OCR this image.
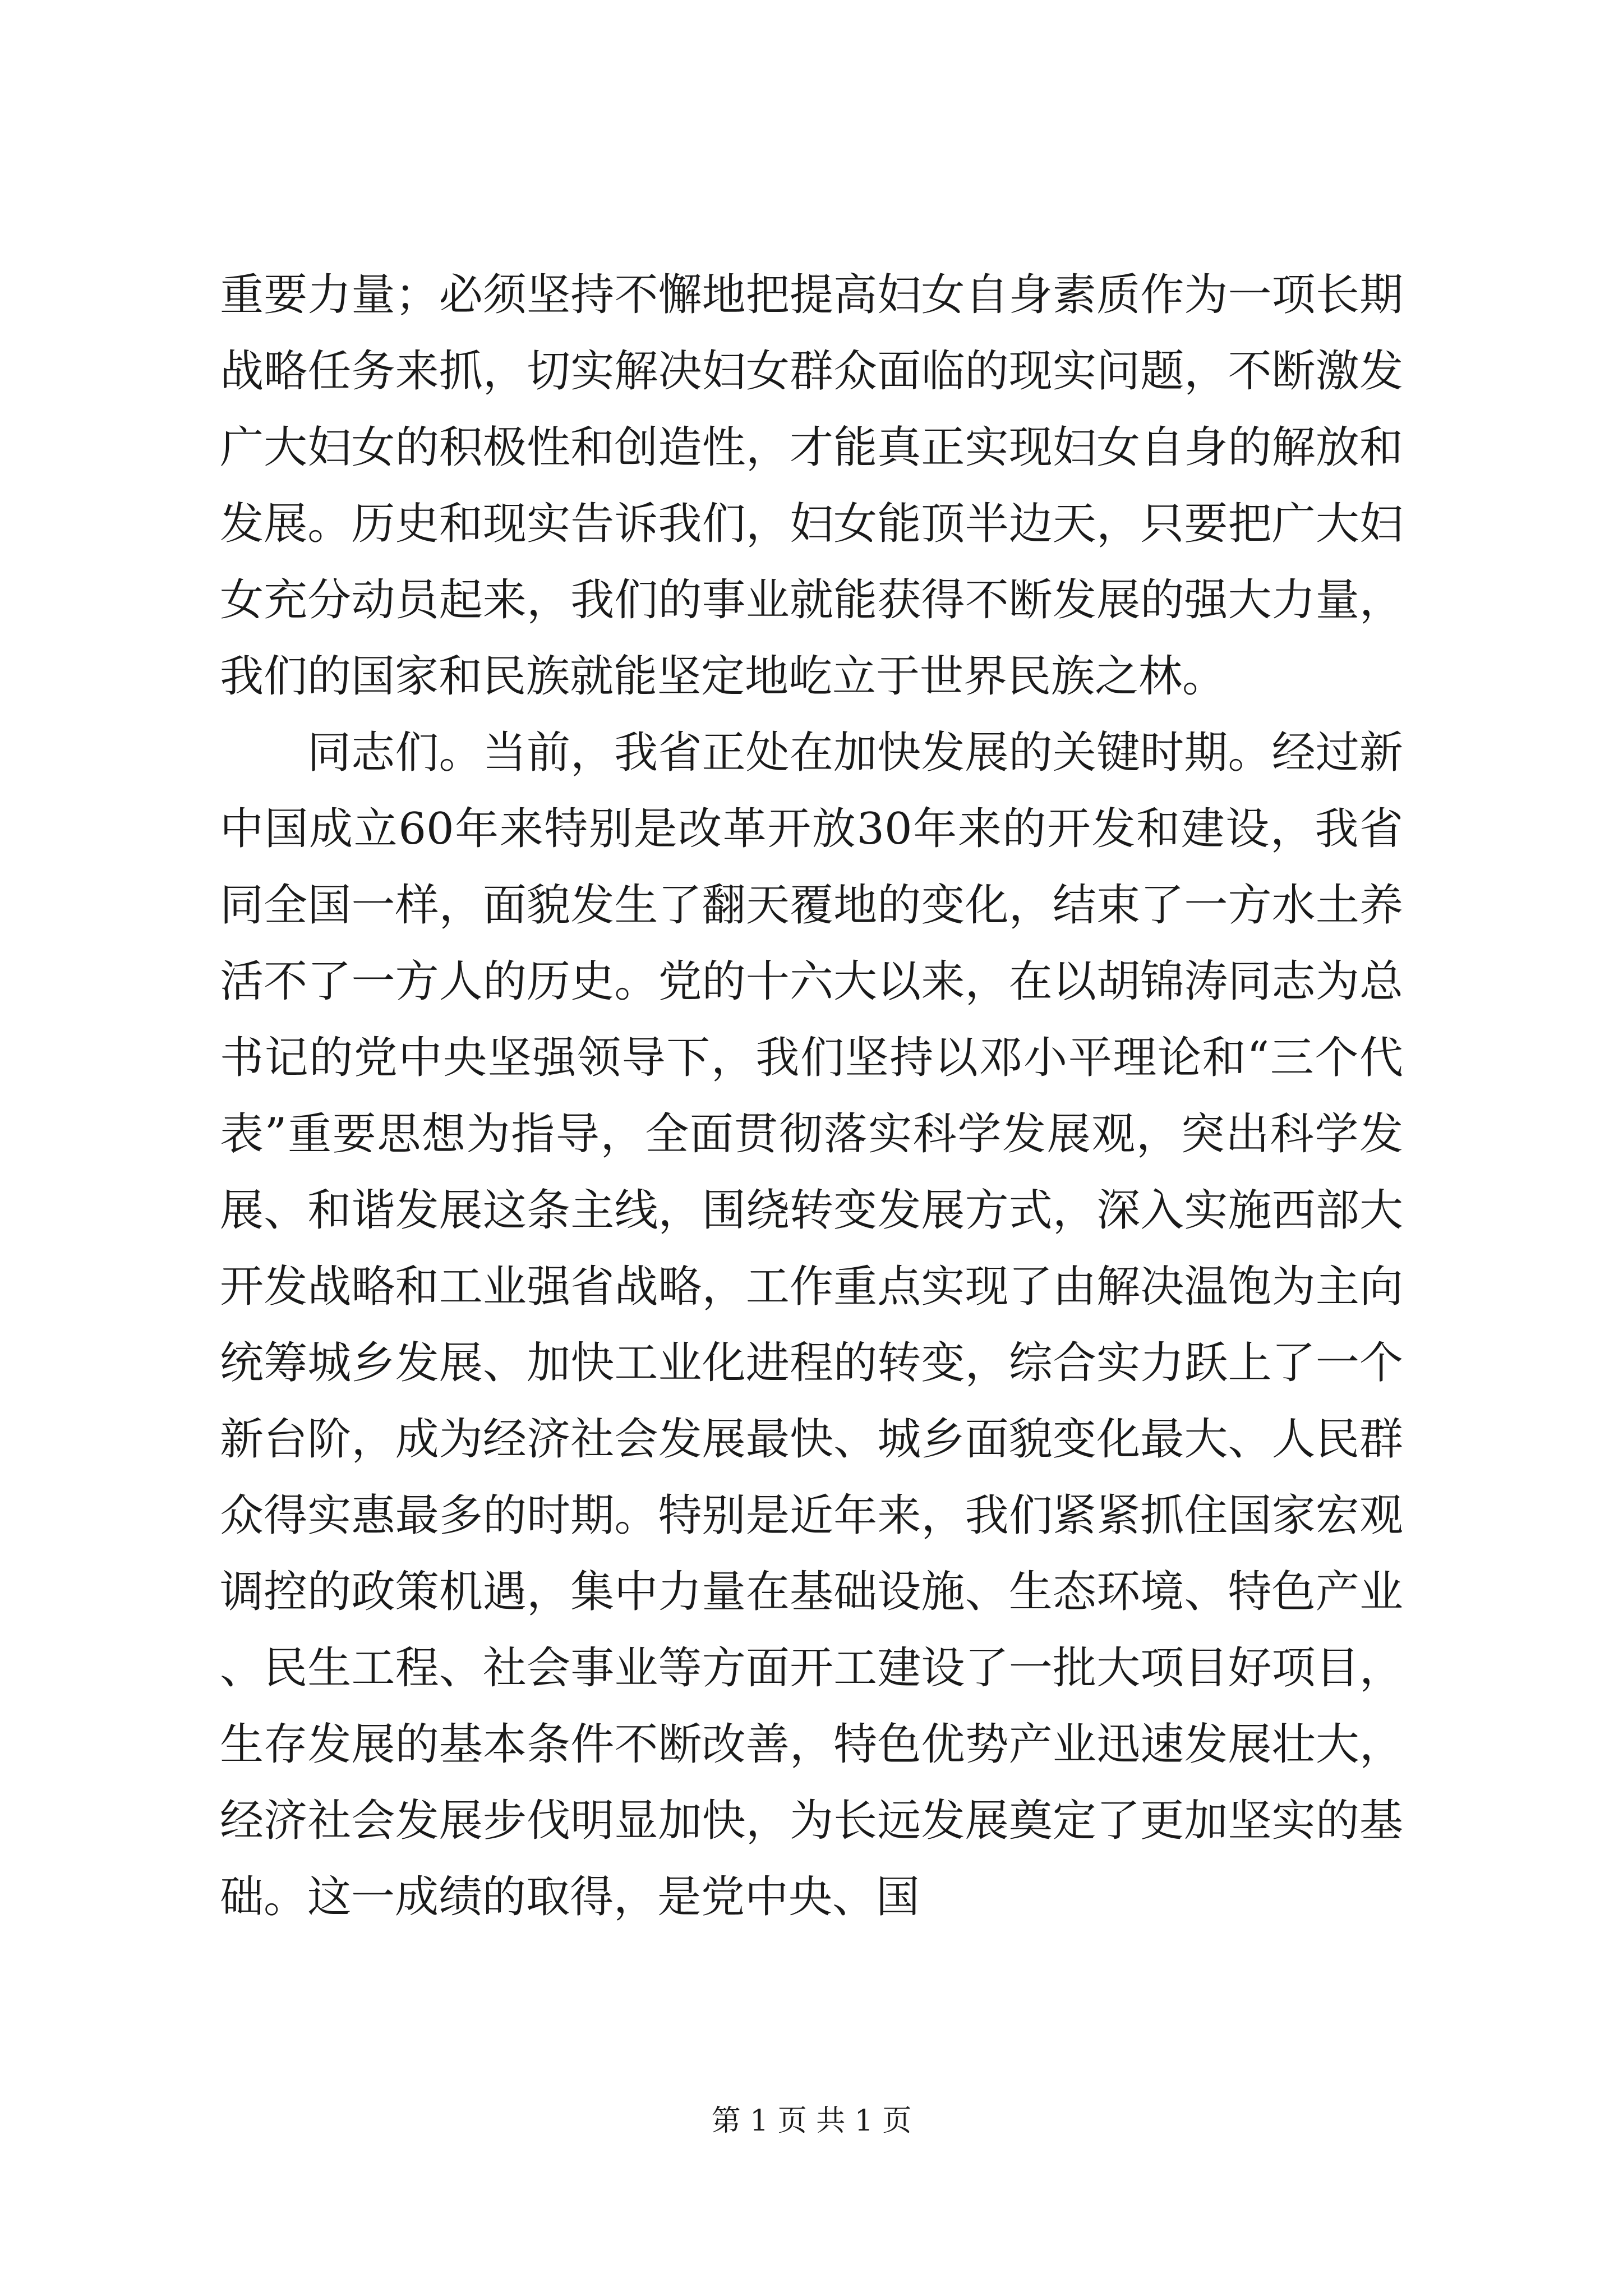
重要力量；必须坚持不懈地把提高妇女自身素质作为一项长期战略任务来抓，切实解决妇女群众面临的现实问题，不断激发广大妇女的积极性和创造性，才能真正实现妇女自身的解放和发展。历史和现实告诉我们，妇女能顶半边天，只要把广大妇女充分动员起来，我们的事业就能获得不断发展的强大力量，我们的国家和民族就能坚定地屹立于世界民族之林。

同志们。当前，我省正处在加快发展的关键时期。经过新中国成立60年来特别是改革开放30年来的开发和建设，我省同全国一样，面貌发生了翻天覆地的变化，结束了一方水土养活不了一方人的历史。党的十六大以来，在以胡锦涛同志为总书记的党中央坚强领导下，我们坚持以邓小平理论和“三个代表”重要思想为指导，全面贯彻落实科学发展观，突出科学发展、和谐发展这条主线，围绕转变发展方式，深入实施西部大开发战略和工业强省战略，工作重点实现了由解决温饱为主向统筹城乡发展、加快工业化进程的转变，综合实力跃上了一个新台阶，成为经济社会发展最快、城乡面貌变化最大、人民群众得实惠最多的时期。特别是近年来，我们紧紧抓住国家宏观调控的政策机遇，集中力量在基础设施、生态环境、特色产业、民生工程、社会事业等方面开工建设了一批大项目好项目，生存发展的基本条件不断改善，特色优势产业迅速发展壮大，经济社会发展步伐明显加快，为长远发展奠定了更加坚实的基础。这一成绩的取得，是党中央、国

第 1 页 共 1 页
